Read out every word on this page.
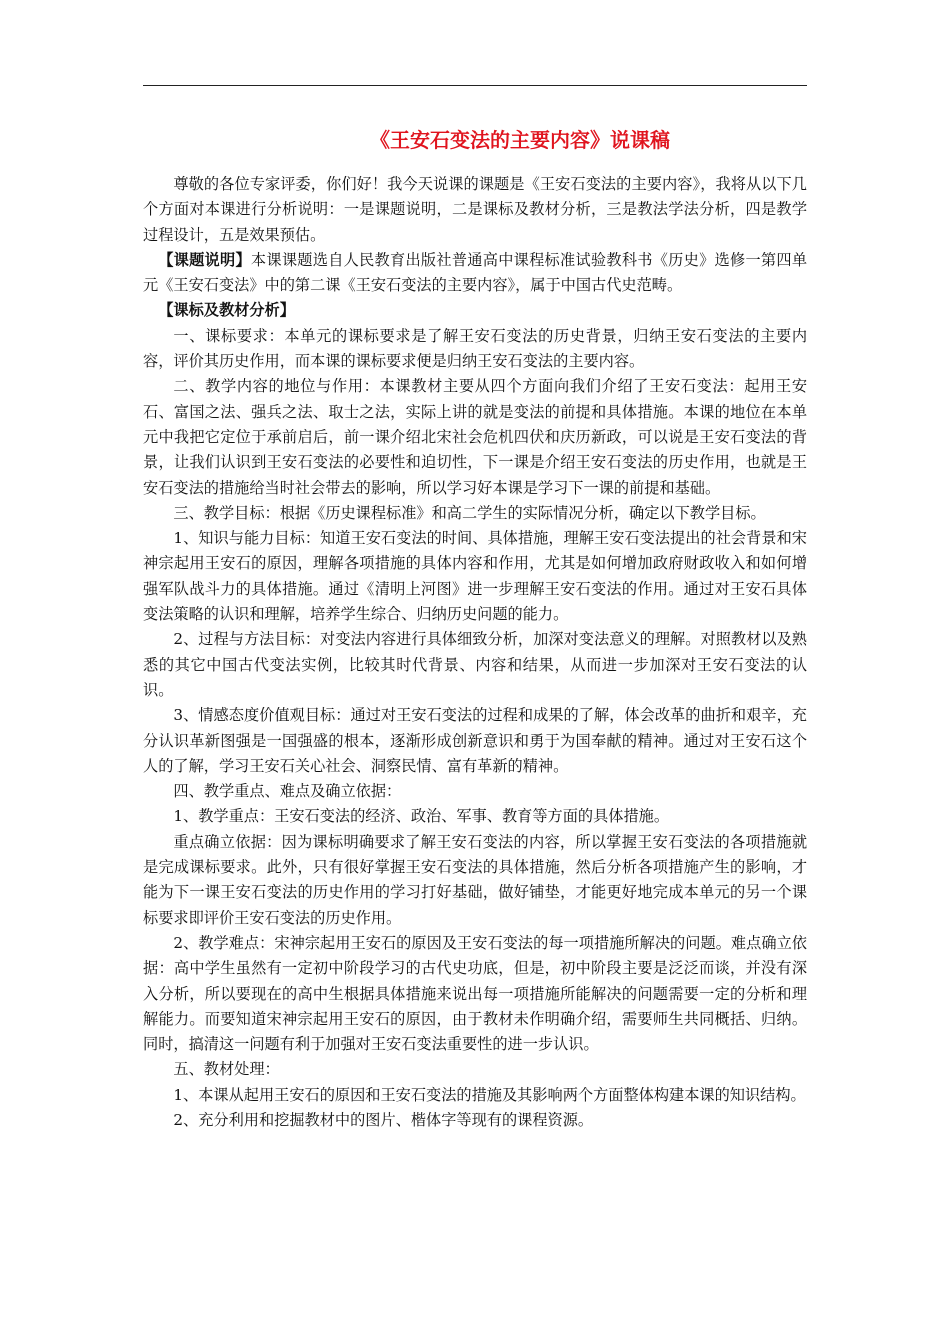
《王安石变法的主要内容》说课稿

尊敬的各位专家评委，你们好！我今天说课的课题是《王安石变法的主要内容》，我将从以下几个方面对本课进行分析说明：一是课题说明，二是课标及教材分析，三是教法学法分析，四是教学过程设计，五是效果预估。

【课题说明】本课课题选自人民教育出版社普通高中课程标准试验教科书《历史》选修一第四单元《王安石变法》中的第二课《王安石变法的主要内容》，属于中国古代史范畴。

【课标及教材分析】

一、课标要求：本单元的课标要求是了解王安石变法的历史背景，归纳王安石变法的主要内容，评价其历史作用，而本课的课标要求便是归纳王安石变法的主要内容。

二、教学内容的地位与作用：本课教材主要从四个方面向我们介绍了王安石变法：起用王安石、富国之法、强兵之法、取士之法，实际上讲的就是变法的前提和具体措施。本课的地位在本单元中我把它定位于承前启后，前一课介绍北宋社会危机四伏和庆历新政，可以说是王安石变法的背景，让我们认识到王安石变法的必要性和迫切性，下一课是介绍王安石变法的历史作用，也就是王安石变法的措施给当时社会带去的影响，所以学习好本课是学习下一课的前提和基础。

三、教学目标：根据《历史课程标准》和高二学生的实际情况分析，确定以下教学目标。

1、知识与能力目标：知道王安石变法的时间、具体措施，理解王安石变法提出的社会背景和宋神宗起用王安石的原因，理解各项措施的具体内容和作用，尤其是如何增加政府财政收入和如何增强军队战斗力的具体措施。通过《清明上河图》进一步理解王安石变法的作用。通过对王安石具体变法策略的认识和理解，培养学生综合、归纳历史问题的能力。

2、过程与方法目标：对变法内容进行具体细致分析，加深对变法意义的理解。对照教材以及熟悉的其它中国古代变法实例，比较其时代背景、内容和结果，从而进一步加深对王安石变法的认识。

3、情感态度价值观目标：通过对王安石变法的过程和成果的了解，体会改革的曲折和艰辛，充分认识革新图强是一国强盛的根本，逐渐形成创新意识和勇于为国奉献的精神。通过对王安石这个人的了解，学习王安石关心社会、洞察民情、富有革新的精神。

四、教学重点、难点及确立依据：

1、教学重点：王安石变法的经济、政治、军事、教育等方面的具体措施。

重点确立依据：因为课标明确要求了解王安石变法的内容，所以掌握王安石变法的各项措施就是完成课标要求。此外，只有很好掌握王安石变法的具体措施，然后分析各项措施产生的影响，才能为下一课王安石变法的历史作用的学习打好基础，做好铺垫，才能更好地完成本单元的另一个课标要求即评价王安石变法的历史作用。

2、教学难点：宋神宗起用王安石的原因及王安石变法的每一项措施所解决的问题。难点确立依据：高中学生虽然有一定初中阶段学习的古代史功底，但是，初中阶段主要是泛泛而谈，并没有深入分析，所以要现在的高中生根据具体措施来说出每一项措施所能解决的问题需要一定的分析和理解能力。而要知道宋神宗起用王安石的原因，由于教材未作明确介绍，需要师生共同概括、归纳。同时，搞清这一问题有利于加强对王安石变法重要性的进一步认识。

五、教材处理：

1、本课从起用王安石的原因和王安石变法的措施及其影响两个方面整体构建本课的知识结构。

2、充分利用和挖掘教材中的图片、楷体字等现有的课程资源。
